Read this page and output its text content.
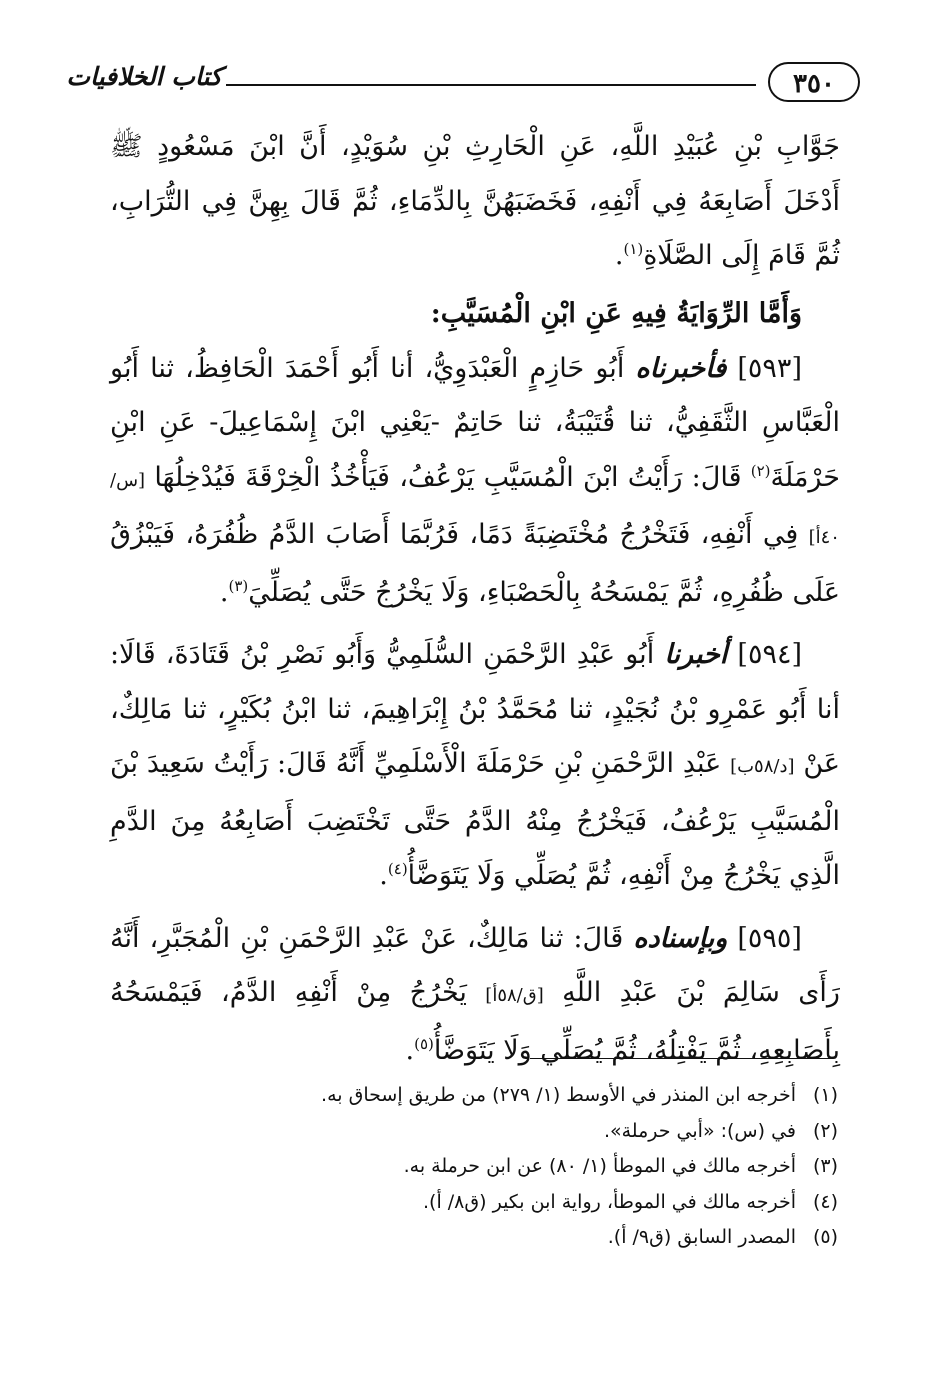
٣٥٠
كتاب الخلافيات

جَوَّابِ بْنِ عُبَيْدِ اللَّهِ، عَنِ الْحَارِثِ بْنِ سُوَيْدٍ، أَنَّ ابْنَ مَسْعُودٍ ﷺ أَدْخَلَ أَصَابِعَهُ فِي أَنْفِهِ، فَخَضَبَهُنَّ بِالدِّمَاءِ، ثُمَّ قَالَ بِهِنَّ فِي التُّرَابِ، ثُمَّ قَامَ إِلَى الصَّلَاةِ$^{(١)}$.

وَأَمَّا الرِّوَايَةُ فِيهِ عَنِ ابْنِ الْمُسَيَّبِ:

[٥٩٣] فأخبرناه أَبُو حَازِمٍ الْعَبْدَوِيُّ، أنا أَبُو أَحْمَدَ الْحَافِظُ، ثنا أَبُو الْعَبَّاسِ الثَّقَفِيُّ، ثنا قُتَيْبَةُ، ثنا حَاتِمٌ -يَعْنِي ابْنَ إِسْمَاعِيلَ- عَنِ ابْنِ حَرْمَلَةَ$^{(٢)}$ قَالَ: رَأَيْتُ ابْنَ الْمُسَيَّبِ يَرْعُفُ، فَيَأْخُذُ الْخِرْقَةَ فَيُدْخِلُهَا [س/٤٠أ] فِي أَنْفِهِ، فَتَخْرُجُ مُخْتَضِبَةً دَمًا، فَرُبَّمَا أَصَابَ الدَّمُ ظُفُرَهُ، فَيَبْزُقُ عَلَى ظُفُرِهِ، ثُمَّ يَمْسَحُهُ بِالْحَصْبَاءِ، وَلَا يَخْرُجُ حَتَّى يُصَلِّيَ$^{(٣)}$.

[٥٩٤] أخبرنا أَبُو عَبْدِ الرَّحْمَنِ السُّلَمِيُّ وَأَبُو نَصْرِ بْنُ قَتَادَةَ، قَالَا: أنا أَبُو عَمْرِو بْنُ نُجَيْدٍ، ثنا مُحَمَّدُ بْنُ إِبْرَاهِيمَ، ثنا ابْنُ بُكَيْرٍ، ثنا مَالِكٌ، عَنْ [د/٥٨ب] عَبْدِ الرَّحْمَنِ بْنِ حَرْمَلَةَ الْأَسْلَمِيِّ أَنَّهُ قَالَ: رَأَيْتُ سَعِيدَ بْنَ الْمُسَيَّبِ يَرْعُفُ، فَيَخْرُجُ مِنْهُ الدَّمُ حَتَّى تَخْتَضِبَ أَصَابِعُهُ مِنَ الدَّمِ الَّذِي يَخْرُجُ مِنْ أَنْفِهِ، ثُمَّ يُصَلِّي وَلَا يَتَوَضَّأُ$^{(٤)}$.

[٥٩٥] وبإسناده قَالَ: ثنا مَالِكٌ، عَنْ عَبْدِ الرَّحْمَنِ بْنِ الْمُجَبَّرِ، أَنَّهُ رَأَى سَالِمَ بْنَ عَبْدِ اللَّهِ [ق/٥٨أ] يَخْرُجُ مِنْ أَنْفِهِ الدَّمُ، فَيَمْسَحُهُ بِأَصَابِعِهِ، ثُمَّ يَفْتِلُهُ، ثُمَّ يُصَلِّي وَلَا يَتَوَضَّأُ$^{(٥)}$.

(١)أخرجه ابن المنذر في الأوسط (١/ ٢٧٩) من طريق إسحاق به.
(٢)في (س): «أبي حرملة».
(٣)أخرجه مالك في الموطأ (١/ ٨٠) عن ابن حرملة به.
(٤)أخرجه مالك في الموطأ، رواية ابن بكير (ق٨/ أ).
(٥)المصدر السابق (ق٩/ أ).
